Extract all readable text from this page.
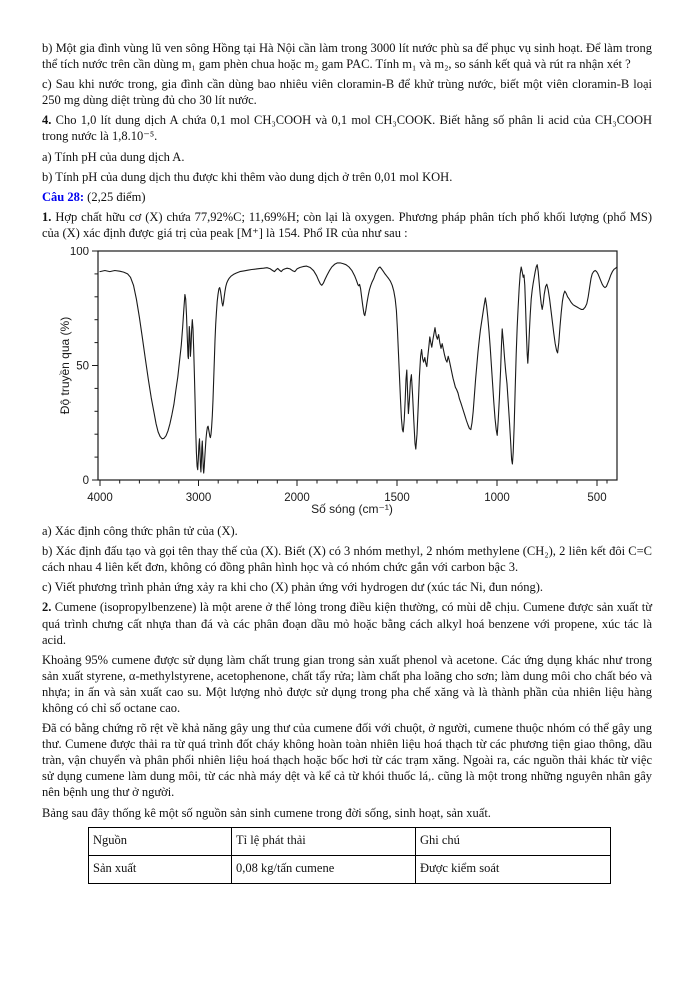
b) Một gia đình vùng lũ ven sông Hồng tại Hà Nội cần làm trong 3000 lít nước phù sa để phục vụ sinh hoạt. Để làm trong thể tích nước trên cần dùng m₁ gam phèn chua hoặc m₂ gam PAC. Tính m₁ và m₂, so sánh kết quả và rút ra nhận xét ?

c) Sau khi nước trong, gia đình cần dùng bao nhiêu viên cloramin-B để khử trùng nước, biết một viên cloramin-B loại 250 mg dùng diệt trùng đủ cho 30 lít nước.

4. Cho 1,0 lít dung dịch A chứa 0,1 mol CH₃COOH và 0,1 mol CH₃COOK. Biết hằng số phân li acid của CH₃COOH trong nước là 1,8.10⁻⁵.

a) Tính pH của dung dịch A.

b) Tính pH của dung dịch thu được khi thêm vào dung dịch ở trên 0,01 mol KOH.

Câu 28: (2,25 điểm)

1. Hợp chất hữu cơ (X) chứa 77,92%C; 11,69%H; còn lại là oxygen. Phương pháp phân tích phổ khối lượng (phổ MS) của (X) xác định được giá trị của peak [M⁺] là 154. Phổ IR của như sau :

4000	3000	2000	1500	1000	500
0
50
100
Số sóng (cm⁻¹)
Độ truyền qua (%)

a) Xác định công thức phân tử của (X).

b) Xác định đấu tạo và gọi tên thay thế của (X). Biết (X) có 3 nhóm methyl, 2 nhóm methylene (CH₂), 2 liên kết đôi C=C cách nhau 4 liên kết đơn, không có đồng phân hình học và có nhóm chức gắn với carbon bậc 3.

c) Viết phương trình phản ứng xảy ra khi cho (X) phản ứng với hydrogen dư (xúc tác Ni, đun nóng).

2. Cumene (isopropylbenzene) là một arene ở thể lỏng trong điều kiện thường, có mùi dễ chịu. Cumene được sản xuất từ quá trình chưng cất nhựa than đá và các phân đoạn dầu mỏ hoặc bằng cách alkyl hoá benzene với propene, xúc tác là acid.

Khoảng 95% cumene được sử dụng làm chất trung gian trong sản xuất phenol và acetone. Các ứng dụng khác như trong sản xuất styrene, α-methylstyrene, acetophenone, chất tẩy rửa; làm chất pha loãng cho sơn; làm dung môi cho chất béo và nhựa; in ấn và sản xuất cao su. Một lượng nhỏ được sử dụng trong pha chế xăng và là thành phần của nhiên liệu hàng không có chỉ số octane cao.

Đã có bằng chứng rõ rệt về khả năng gây ung thư của cumene đối với chuột, ở người, cumene thuộc nhóm có thể gây ung thư. Cumene được thải ra từ quá trình đốt cháy không hoàn toàn nhiên liệu hoá thạch từ các phương tiện giao thông, dầu tràn, vận chuyển và phân phối nhiên liệu hoá thạch hoặc bốc hơi từ các trạm xăng. Ngoài ra, các nguồn thải khác từ việc sử dụng cumene làm dung môi, từ các nhà máy dệt và kể cả từ khói thuốc lá,. cũng là một trong những nguyên nhân gây nên bệnh ung thư ở người.

Bảng sau đây thống kê một số nguồn sản sinh cumene trong đời sống, sinh hoạt, sản xuất.

Nguồn	Tỉ lệ phát thải	Ghi chú
Sản xuất	0,08 kg/tấn cumene	Được kiểm soát
